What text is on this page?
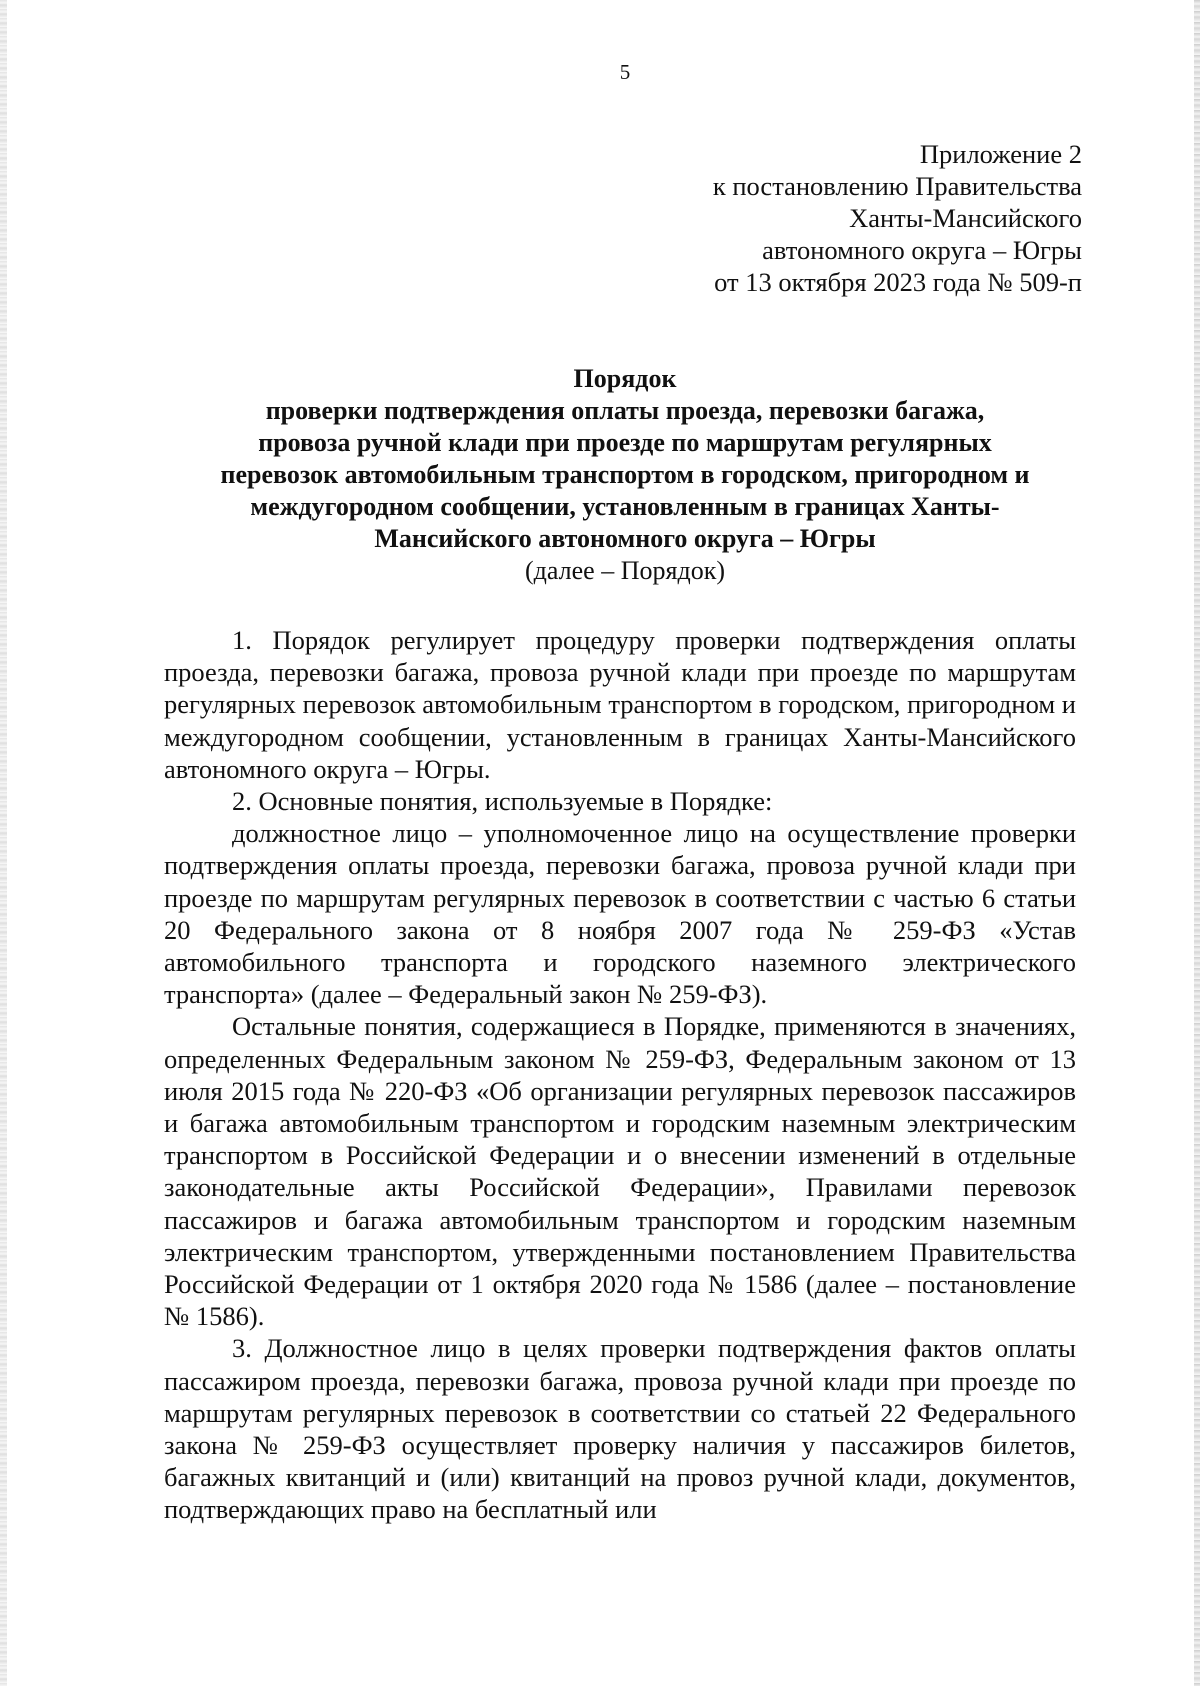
5
Приложение 2
к постановлению Правительства
Ханты-Мансийского
автономного округа – Югры
от 13 октября 2023 года № 509-п
Порядок
проверки подтверждения оплаты проезда, перевозки багажа,
провоза ручной клади при проезде по маршрутам регулярных
перевозок автомобильным транспортом в городском, пригородном и
междугородном сообщении, установленным в границах Ханты-
Мансийского автономного округа – Югры
(далее – Порядок)

1. Порядок регулирует процедуру проверки подтверждения оплаты проезда, перевозки багажа, провоза ручной клади при проезде по маршрутам регулярных перевозок автомобильным транспортом в городском, пригородном и междугородном сообщении, установленным в границах Ханты-Мансийского автономного округа – Югры.

2. Основные понятия, используемые в Порядке:

должностное лицо – уполномоченное лицо на осуществление проверки подтверждения оплаты проезда, перевозки багажа, провоза ручной клади при проезде по маршрутам регулярных перевозок в соответствии с частью 6 статьи 20 Федерального закона от 8 ноября 2007 года № 259-ФЗ «Устав автомобильного транспорта и городского наземного электрического транспорта» (далее – Федеральный закон № 259-ФЗ).

Остальные понятия, содержащиеся в Порядке, применяются в значениях, определенных Федеральным законом № 259-ФЗ, Федеральным законом от 13 июля 2015 года № 220-ФЗ «Об организации регулярных перевозок пассажиров и багажа автомобильным транспортом и городским наземным электрическим транспортом в Российской Федерации и о внесении изменений в отдельные законодательные акты Российской Федерации», Правилами перевозок пассажиров и багажа автомобильным транспортом и городским наземным электрическим транспортом, утвержденными постановлением Правительства Российской Федерации от 1 октября 2020 года № 1586 (далее – постановление № 1586).

3. Должностное лицо в целях проверки подтверждения фактов оплаты пассажиром проезда, перевозки багажа, провоза ручной клади при проезде по маршрутам регулярных перевозок в соответствии со статьей 22 Федерального закона № 259-ФЗ осуществляет проверку наличия у пассажиров билетов, багажных квитанций и (или) квитанций на провоз ручной клади, документов, подтверждающих право на бесплатный или
